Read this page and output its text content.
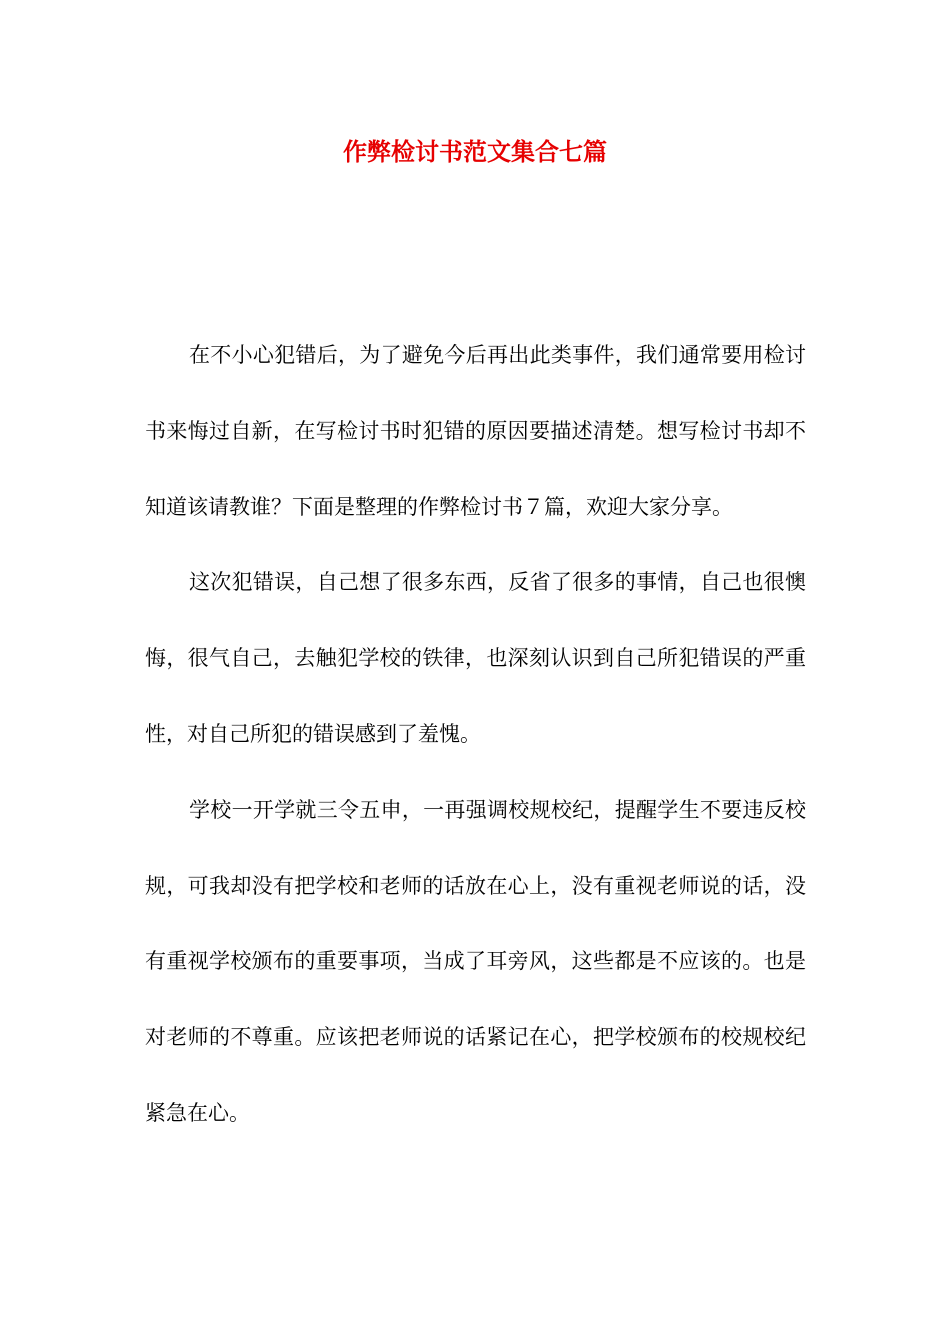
作弊检讨书范文集合七篇

在不小心犯错后，为了避免今后再出此类事件，我们通常要用检讨书来悔过自新，在写检讨书时犯错的原因要描述清楚。想写检讨书却不知道该请教谁？下面是整理的作弊检讨书７篇，欢迎大家分享。

这次犯错误，自己想了很多东西，反省了很多的事情，自己也很懊悔，很气自己，去触犯学校的铁律，也深刻认识到自己所犯错误的严重性，对自己所犯的错误感到了羞愧。

学校一开学就三令五申，一再强调校规校纪，提醒学生不要违反校规，可我却没有把学校和老师的话放在心上，没有重视老师说的话，没有重视学校颁布的重要事项，当成了耳旁风，这些都是不应该的。也是对老师的不尊重。应该把老师说的话紧记在心，把学校颁布的校规校纪紧急在心。
